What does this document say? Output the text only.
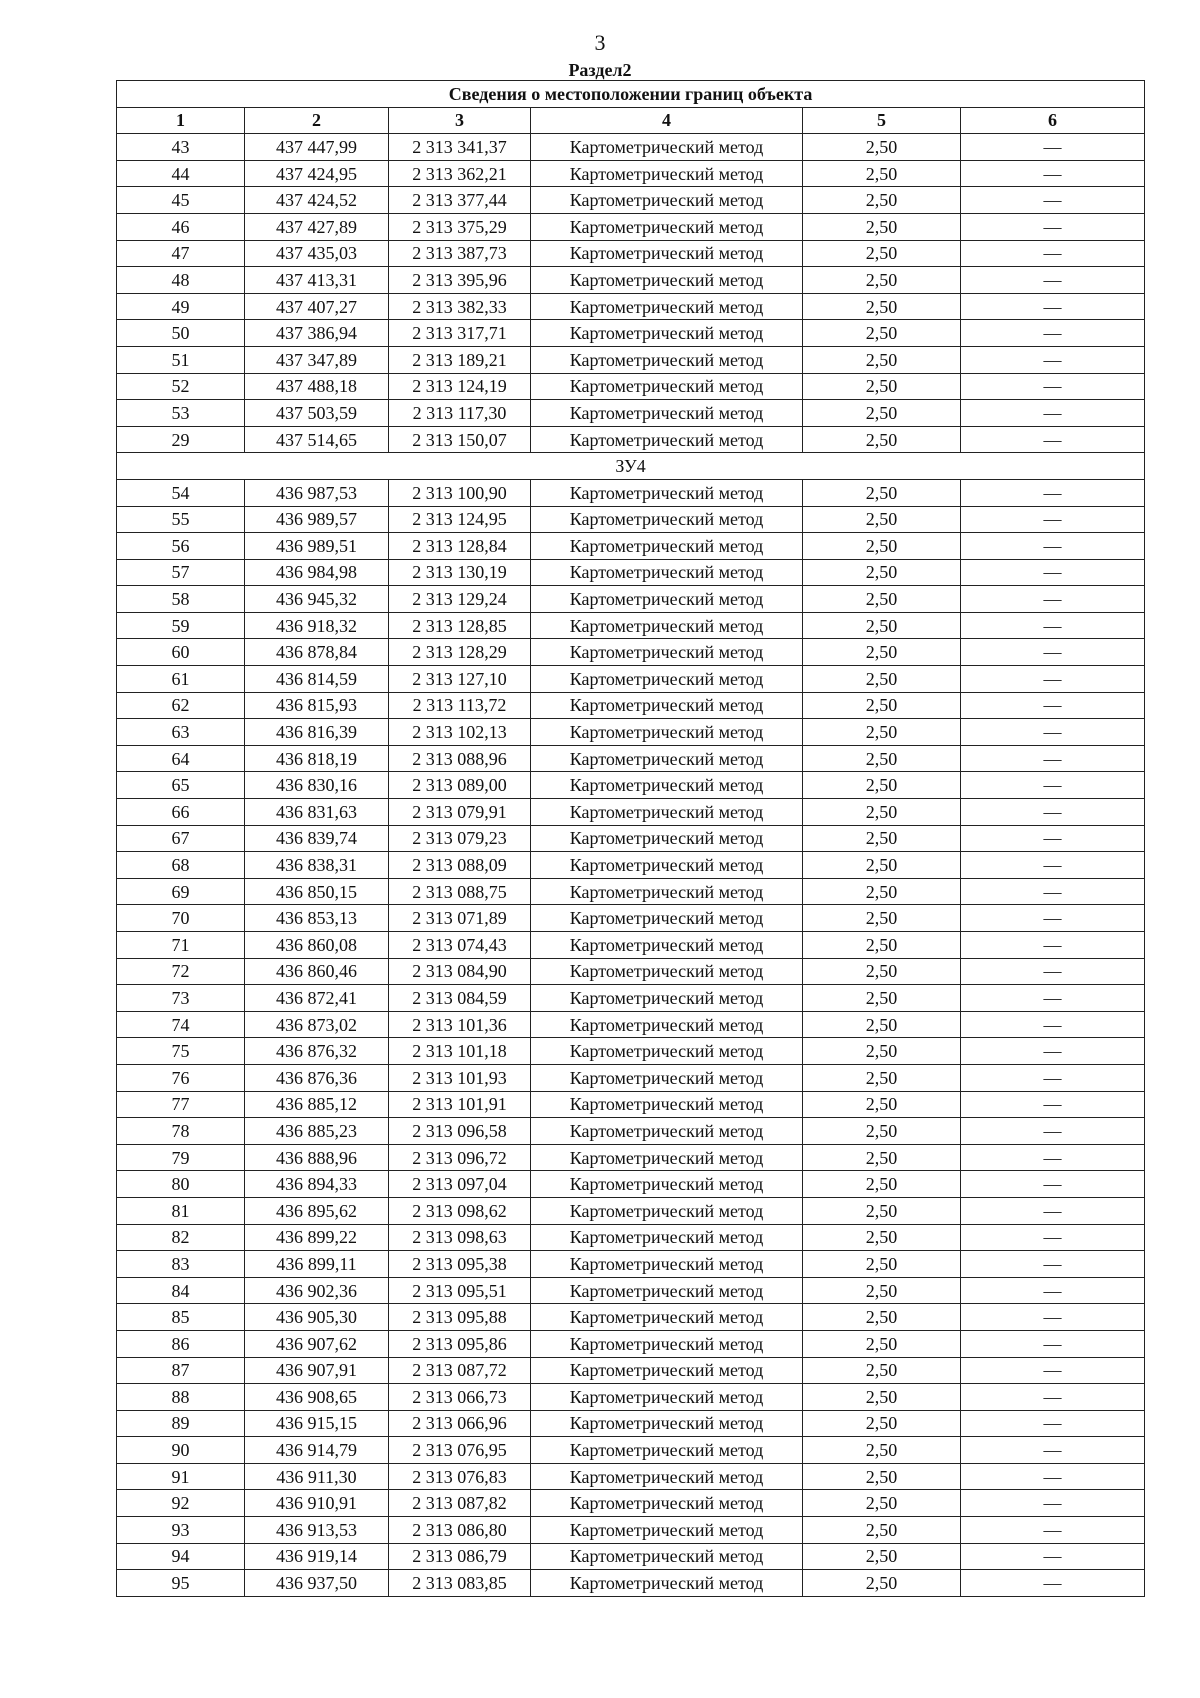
3
Раздел2
Сведения о местоположении границ объекта					
1	2	3	4	5	6
43	437 447,99	2 313 341,37	Картометрический метод	2,50	—
44	437 424,95	2 313 362,21	Картометрический метод	2,50	—
45	437 424,52	2 313 377,44	Картометрический метод	2,50	—
46	437 427,89	2 313 375,29	Картометрический метод	2,50	—
47	437 435,03	2 313 387,73	Картометрический метод	2,50	—
48	437 413,31	2 313 395,96	Картометрический метод	2,50	—
49	437 407,27	2 313 382,33	Картометрический метод	2,50	—
50	437 386,94	2 313 317,71	Картометрический метод	2,50	—
51	437 347,89	2 313 189,21	Картометрический метод	2,50	—
52	437 488,18	2 313 124,19	Картометрический метод	2,50	—
53	437 503,59	2 313 117,30	Картометрический метод	2,50	—
29	437 514,65	2 313 150,07	Картометрический метод	2,50	—
ЗУ4					
54	436 987,53	2 313 100,90	Картометрический метод	2,50	—
55	436 989,57	2 313 124,95	Картометрический метод	2,50	—
56	436 989,51	2 313 128,84	Картометрический метод	2,50	—
57	436 984,98	2 313 130,19	Картометрический метод	2,50	—
58	436 945,32	2 313 129,24	Картометрический метод	2,50	—
59	436 918,32	2 313 128,85	Картометрический метод	2,50	—
60	436 878,84	2 313 128,29	Картометрический метод	2,50	—
61	436 814,59	2 313 127,10	Картометрический метод	2,50	—
62	436 815,93	2 313 113,72	Картометрический метод	2,50	—
63	436 816,39	2 313 102,13	Картометрический метод	2,50	—
64	436 818,19	2 313 088,96	Картометрический метод	2,50	—
65	436 830,16	2 313 089,00	Картометрический метод	2,50	—
66	436 831,63	2 313 079,91	Картометрический метод	2,50	—
67	436 839,74	2 313 079,23	Картометрический метод	2,50	—
68	436 838,31	2 313 088,09	Картометрический метод	2,50	—
69	436 850,15	2 313 088,75	Картометрический метод	2,50	—
70	436 853,13	2 313 071,89	Картометрический метод	2,50	—
71	436 860,08	2 313 074,43	Картометрический метод	2,50	—
72	436 860,46	2 313 084,90	Картометрический метод	2,50	—
73	436 872,41	2 313 084,59	Картометрический метод	2,50	—
74	436 873,02	2 313 101,36	Картометрический метод	2,50	—
75	436 876,32	2 313 101,18	Картометрический метод	2,50	—
76	436 876,36	2 313 101,93	Картометрический метод	2,50	—
77	436 885,12	2 313 101,91	Картометрический метод	2,50	—
78	436 885,23	2 313 096,58	Картометрический метод	2,50	—
79	436 888,96	2 313 096,72	Картометрический метод	2,50	—
80	436 894,33	2 313 097,04	Картометрический метод	2,50	—
81	436 895,62	2 313 098,62	Картометрический метод	2,50	—
82	436 899,22	2 313 098,63	Картометрический метод	2,50	—
83	436 899,11	2 313 095,38	Картометрический метод	2,50	—
84	436 902,36	2 313 095,51	Картометрический метод	2,50	—
85	436 905,30	2 313 095,88	Картометрический метод	2,50	—
86	436 907,62	2 313 095,86	Картометрический метод	2,50	—
87	436 907,91	2 313 087,72	Картометрический метод	2,50	—
88	436 908,65	2 313 066,73	Картометрический метод	2,50	—
89	436 915,15	2 313 066,96	Картометрический метод	2,50	—
90	436 914,79	2 313 076,95	Картометрический метод	2,50	—
91	436 911,30	2 313 076,83	Картометрический метод	2,50	—
92	436 910,91	2 313 087,82	Картометрический метод	2,50	—
93	436 913,53	2 313 086,80	Картометрический метод	2,50	—
94	436 919,14	2 313 086,79	Картометрический метод	2,50	—
95	436 937,50	2 313 083,85	Картометрический метод	2,50	—
